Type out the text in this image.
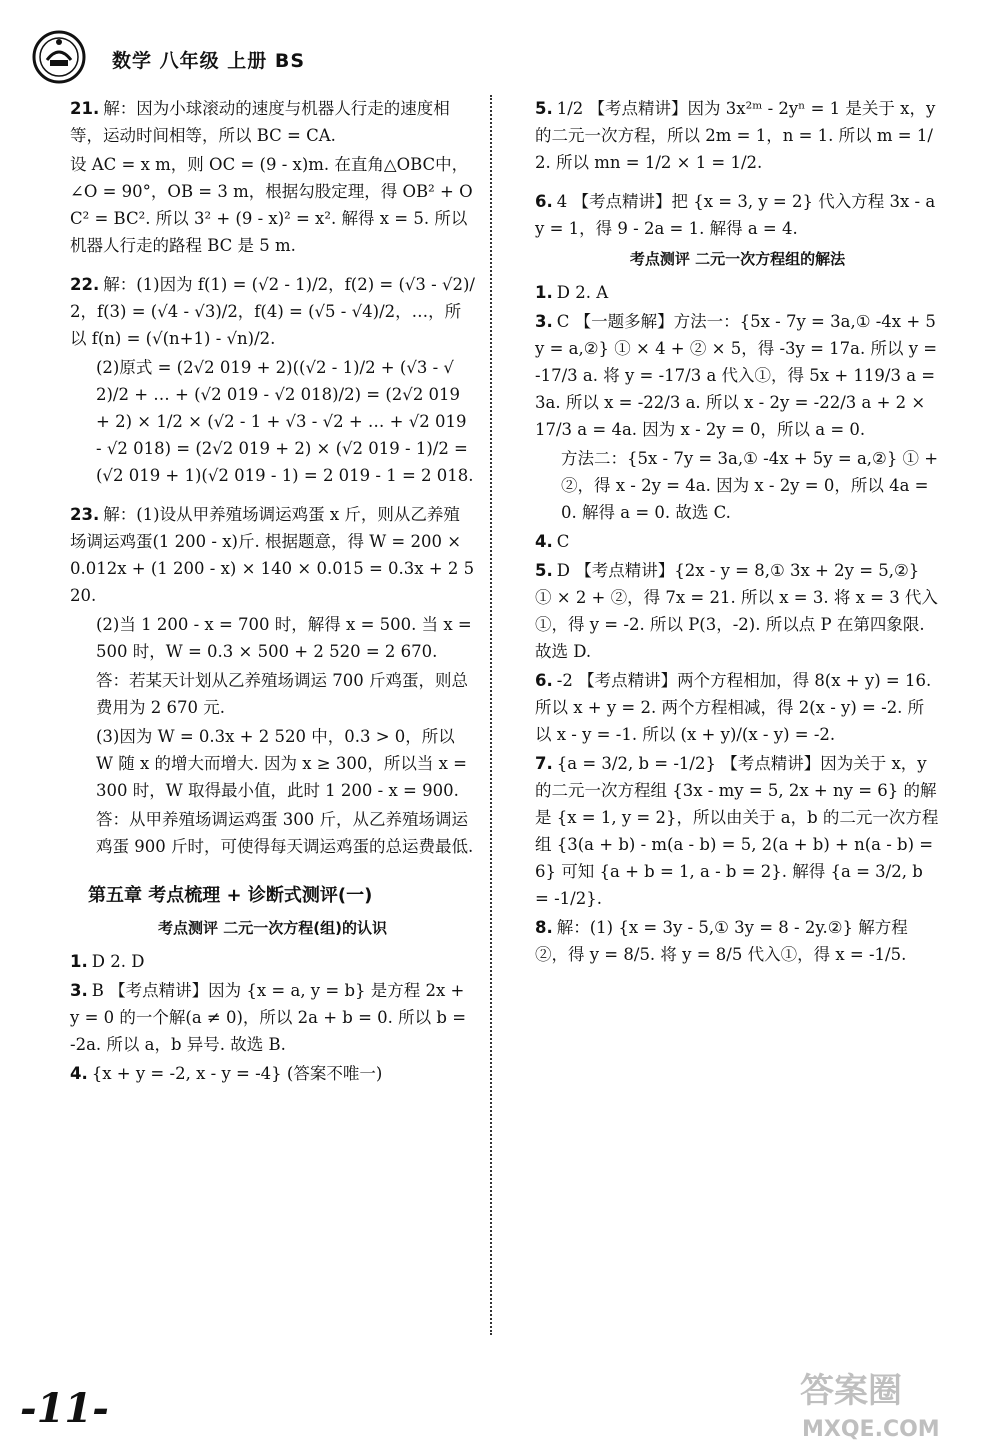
数学 八年级 上册 BS

21. 解：因为小球滚动的速度与机器人行走的速度相等，运动时间相等，所以 BC = CA.

设 AC = x m，则 OC = (9 - x)m. 在直角△OBC中，∠O = 90°，OB = 3 m，根据勾股定理，得 OB² + OC² = BC². 所以 3² + (9 - x)² = x². 解得 x = 5. 所以机器人行走的路程 BC 是 5 m.

22. 解：(1)因为 f(1) = (√2 - 1)/2，f(2) = (√3 - √2)/2，f(3) = (√4 - √3)/2，f(4) = (√5 - √4)/2，…，所以 f(n) = (√(n+1) - √n)/2.

(2)原式 = (2√2 019 + 2)((√2 - 1)/2 + (√3 - √2)/2 + … + (√2 019 - √2 018)/2) = (2√2 019 + 2) × 1/2 × (√2 - 1 + √3 - √2 + … + √2 019 - √2 018) = (2√2 019 + 2) × (√2 019 - 1)/2 = (√2 019 + 1)(√2 019 - 1) = 2 019 - 1 = 2 018.

23. 解：(1)设从甲养殖场调运鸡蛋 x 斤，则从乙养殖场调运鸡蛋(1 200 - x)斤. 根据题意，得 W = 200 × 0.012x + (1 200 - x) × 140 × 0.015 = 0.3x + 2 520.

(2)当 1 200 - x = 700 时，解得 x = 500. 当 x = 500 时，W = 0.3 × 500 + 2 520 = 2 670.

答：若某天计划从乙养殖场调运 700 斤鸡蛋，则总费用为 2 670 元.

(3)因为 W = 0.3x + 2 520 中，0.3 > 0，所以 W 随 x 的增大而增大. 因为 x ≥ 300，所以当 x = 300 时，W 取得最小值，此时 1 200 - x = 900.

答：从甲养殖场调运鸡蛋 300 斤，从乙养殖场调运鸡蛋 900 斤时，可使得每天调运鸡蛋的总运费最低.

第五章 考点梳理 + 诊断式测评(一)
考点测评 二元一次方程(组)的认识

1. D 2. D

3. B 【考点精讲】因为 {x = a, y = b} 是方程 2x + y = 0 的一个解(a ≠ 0)，所以 2a + b = 0. 所以 b = -2a. 所以 a，b 异号. 故选 B.

4. {x + y = -2, x - y = -4} (答案不唯一)

5. 1/2 【考点精讲】因为 3x²ᵐ - 2yⁿ = 1 是关于 x，y 的二元一次方程，所以 2m = 1，n = 1. 所以 m = 1/2. 所以 mn = 1/2 × 1 = 1/2.

6. 4 【考点精讲】把 {x = 3, y = 2} 代入方程 3x - ay = 1，得 9 - 2a = 1. 解得 a = 4.

考点测评 二元一次方程组的解法

1. D 2. A

3. C 【一题多解】方法一：{5x - 7y = 3a,① -4x + 5y = a,②} ① × 4 + ② × 5，得 -3y = 17a. 所以 y = -17/3 a. 将 y = -17/3 a 代入①，得 5x + 119/3 a = 3a. 所以 x = -22/3 a. 所以 x - 2y = -22/3 a + 2 × 17/3 a = 4a. 因为 x - 2y = 0，所以 a = 0.

方法二：{5x - 7y = 3a,① -4x + 5y = a,②} ① + ②，得 x - 2y = 4a. 因为 x - 2y = 0，所以 4a = 0. 解得 a = 0. 故选 C.

4. C

5. D 【考点精讲】{2x - y = 8,① 3x + 2y = 5,②} ① × 2 + ②，得 7x = 21. 所以 x = 3. 将 x = 3 代入①，得 y = -2. 所以 P(3，-2). 所以点 P 在第四象限. 故选 D.

6. -2 【考点精讲】两个方程相加，得 8(x + y) = 16. 所以 x + y = 2. 两个方程相减，得 2(x - y) = -2. 所以 x - y = -1. 所以 (x + y)/(x - y) = -2.

7. {a = 3/2, b = -1/2} 【考点精讲】因为关于 x，y 的二元一次方程组 {3x - my = 5, 2x + ny = 6} 的解是 {x = 1, y = 2}，所以由关于 a，b 的二元一次方程组 {3(a + b) - m(a - b) = 5, 2(a + b) + n(a - b) = 6} 可知 {a + b = 1, a - b = 2}. 解得 {a = 3/2, b = -1/2}.

8. 解：(1) {x = 3y - 5,① 3y = 8 - 2y.②} 解方程②，得 y = 8/5. 将 y = 8/5 代入①，得 x = -1/5.

-11-	答案圈
MXQE.COM
